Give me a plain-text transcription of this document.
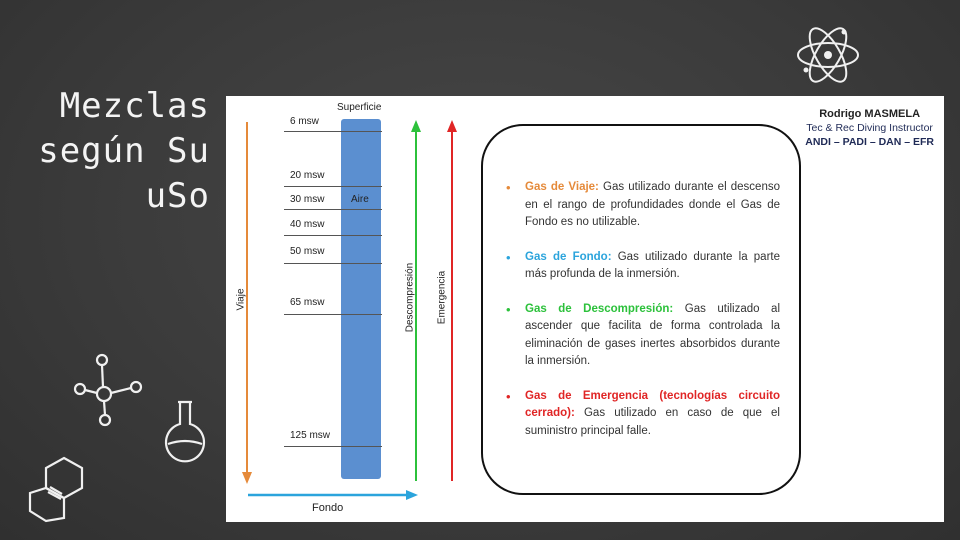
Mezclas
según Su
uSo
Rodrigo MASMELA
Tec & Rec Diving Instructor
ANDI – PADI – DAN – EFR
Superficie
6 msw
20 msw
30 msw	Aire
40 msw
50 msw
65 msw
125 msw
Viaje
Fondo
Descompresión Emergencia
• Gas de Viaje: Gas utilizado durante el descenso en el rango de profundidades donde el Gas de Fondo es no utilizable.
• Gas de Fondo: Gas utilizado durante la parte más profunda de la inmersión.
• Gas de Descompresión: Gas utilizado al ascender que facilita de forma controlada la eliminación de gases inertes absorbidos durante la inmersión.
• Gas de Emergencia (tecnologías circuito cerrado): Gas utilizado en caso de que el suministro principal falle.
